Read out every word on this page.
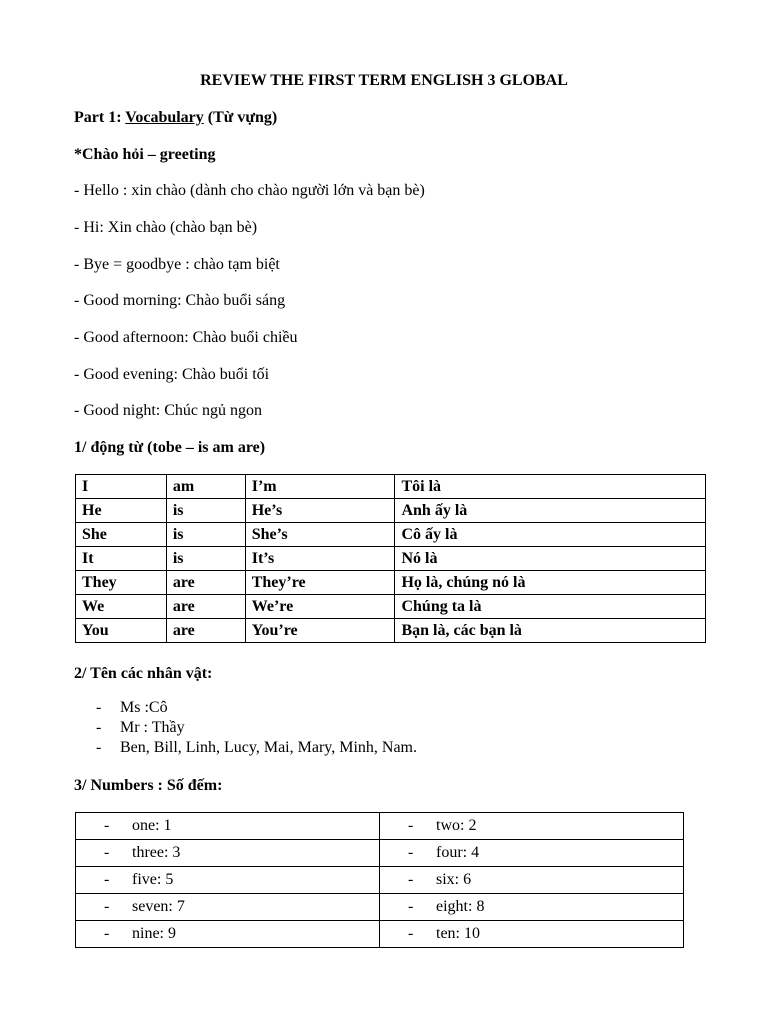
REVIEW THE FIRST TERM ENGLISH 3 GLOBAL
Part 1: Vocabulary (Từ vựng)
*Chào hỏi – greeting
- Hello : xin chào (dành cho chào người lớn và bạn bè)
- Hi: Xin chào (chào bạn bè)
- Bye = goodbye : chào tạm biệt
- Good morning: Chào buổi sáng
- Good afternoon: Chào buổi chiều
- Good evening: Chào buổi tối
- Good night: Chúc ngủ ngon
1/ động từ (tobe – is am are)
I	am	I’m	Tôi là
He	is	He’s	Anh ấy là
She	is	She’s	Cô ấy là
It	is	It’s	Nó là
They	are	They’re	Họ là, chúng nó là
We	are	We’re	Chúng ta là
You	are	You’re	Bạn là, các bạn là
2/ Tên các nhân vật:
- Ms :Cô
- Mr : Thầy
- Ben, Bill, Linh, Lucy, Mai, Mary, Minh, Nam.
3/ Numbers : Số đếm:
- one: 1	- two: 2
- three: 3	- four: 4
- five: 5	- six: 6
- seven: 7	- eight: 8
- nine: 9	- ten: 10
